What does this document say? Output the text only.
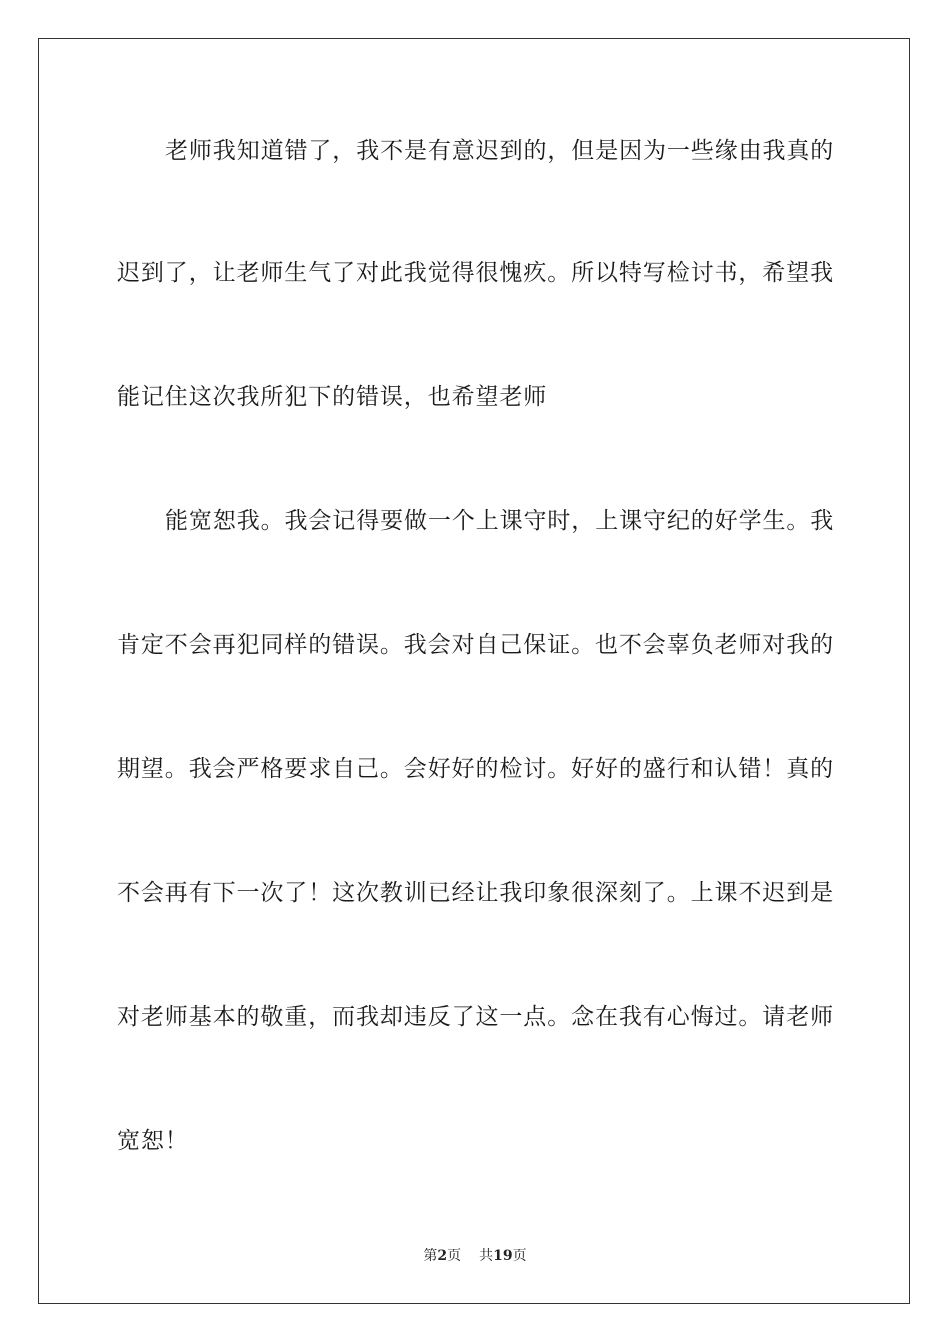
老师我知道错了，我不是有意迟到的，但是因为一些缘由我真的
迟到了，让老师生气了对此我觉得很愧疚。所以特写检讨书，希望我
能记住这次我所犯下的错误，也希望老师
能宽恕我。我会记得要做一个上课守时，上课守纪的好学生。我
肯定不会再犯同样的错误。我会对自己保证。也不会辜负老师对我的
期望。我会严格要求自己。会好好的检讨。好好的盛行和认错！真的
不会再有下一次了！这次教训已经让我印象很深刻了。上课不迟到是
对老师基本的敬重，而我却违反了这一点。念在我有心悔过。请老师
宽恕！
第2页 共19页
